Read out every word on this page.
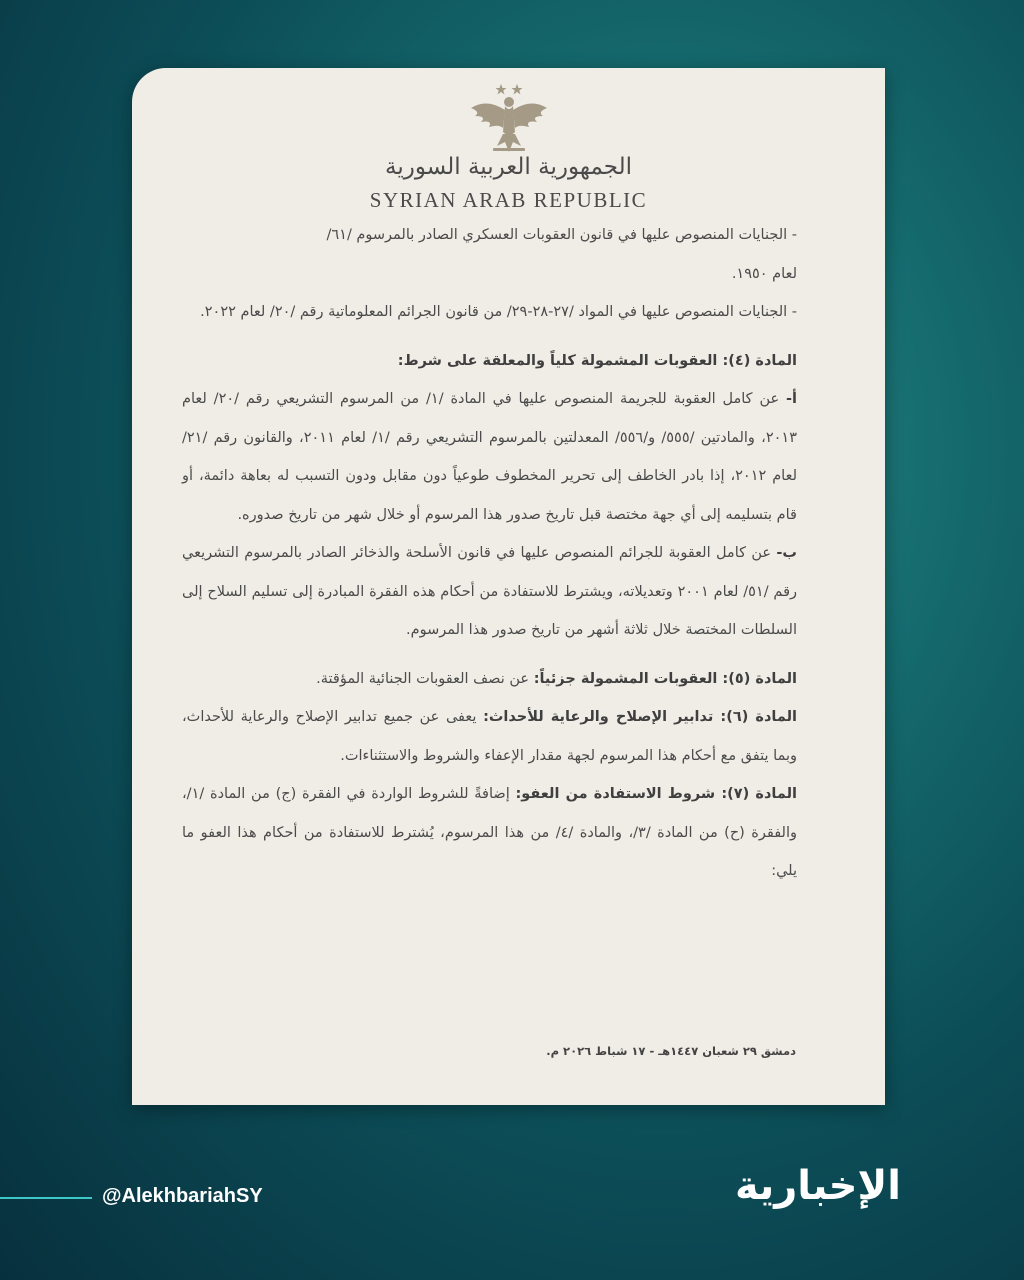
الجمهورية العربية السورية
SYRIAN ARAB REPUBLIC

- الجنايات المنصوص عليها في قانون العقوبات العسكري الصادر بالمرسوم /٦١/

لعام ١٩٥٠.

- الجنايات المنصوص عليها في المواد /٢٧-٢٨-٢٩/ من قانون الجرائم المعلوماتية رقم /٢٠/ لعام ٢٠٢٢.

المادة (٤): العقوبات المشمولة كلياً والمعلقة على شرط:

أ- عن كامل العقوبة للجريمة المنصوص عليها في المادة /١/ من المرسوم التشريعي رقم /٢٠/ لعام ٢٠١٣، والمادتين /٥٥٥/ و/٥٥٦/ المعدلتين بالمرسوم التشريعي رقم /١/ لعام ٢٠١١، والقانون رقم /٢١/ لعام ٢٠١٢، إذا بادر الخاطف إلى تحرير المخطوف طوعياً دون مقابل ودون التسبب له بعاهة دائمة، أو قام بتسليمه إلى أي جهة مختصة قبل تاريخ صدور هذا المرسوم أو خلال شهر من تاريخ صدوره.

ب- عن كامل العقوبة للجرائم المنصوص عليها في قانون الأسلحة والذخائر الصادر بالمرسوم التشريعي رقم /٥١/ لعام ٢٠٠١ وتعديلاته، ويشترط للاستفادة من أحكام هذه الفقرة المبادرة إلى تسليم السلاح إلى السلطات المختصة خلال ثلاثة أشهر من تاريخ صدور هذا المرسوم.

المادة (٥): العقوبات المشمولة جزئياً: عن نصف العقوبات الجنائية المؤقتة.

المادة (٦): تدابير الإصلاح والرعاية للأحداث: يعفى عن جميع تدابير الإصلاح والرعاية للأحداث، وبما يتفق مع أحكام هذا المرسوم لجهة مقدار الإعفاء والشروط والاستثناءات.

المادة (٧): شروط الاستفادة من العفو: إضافةً للشروط الواردة في الفقرة (ج) من المادة /١/، والفقرة (ح) من المادة /٣/، والمادة /٤/ من هذا المرسوم، يُشترط للاستفادة من أحكام هذا العفو ما يلي:

دمشق ٢٩ شعبان ١٤٤٧هـ - ١٧ شباط ٢٠٢٦ م.
@AlekhbariahSY	الإخبارية
